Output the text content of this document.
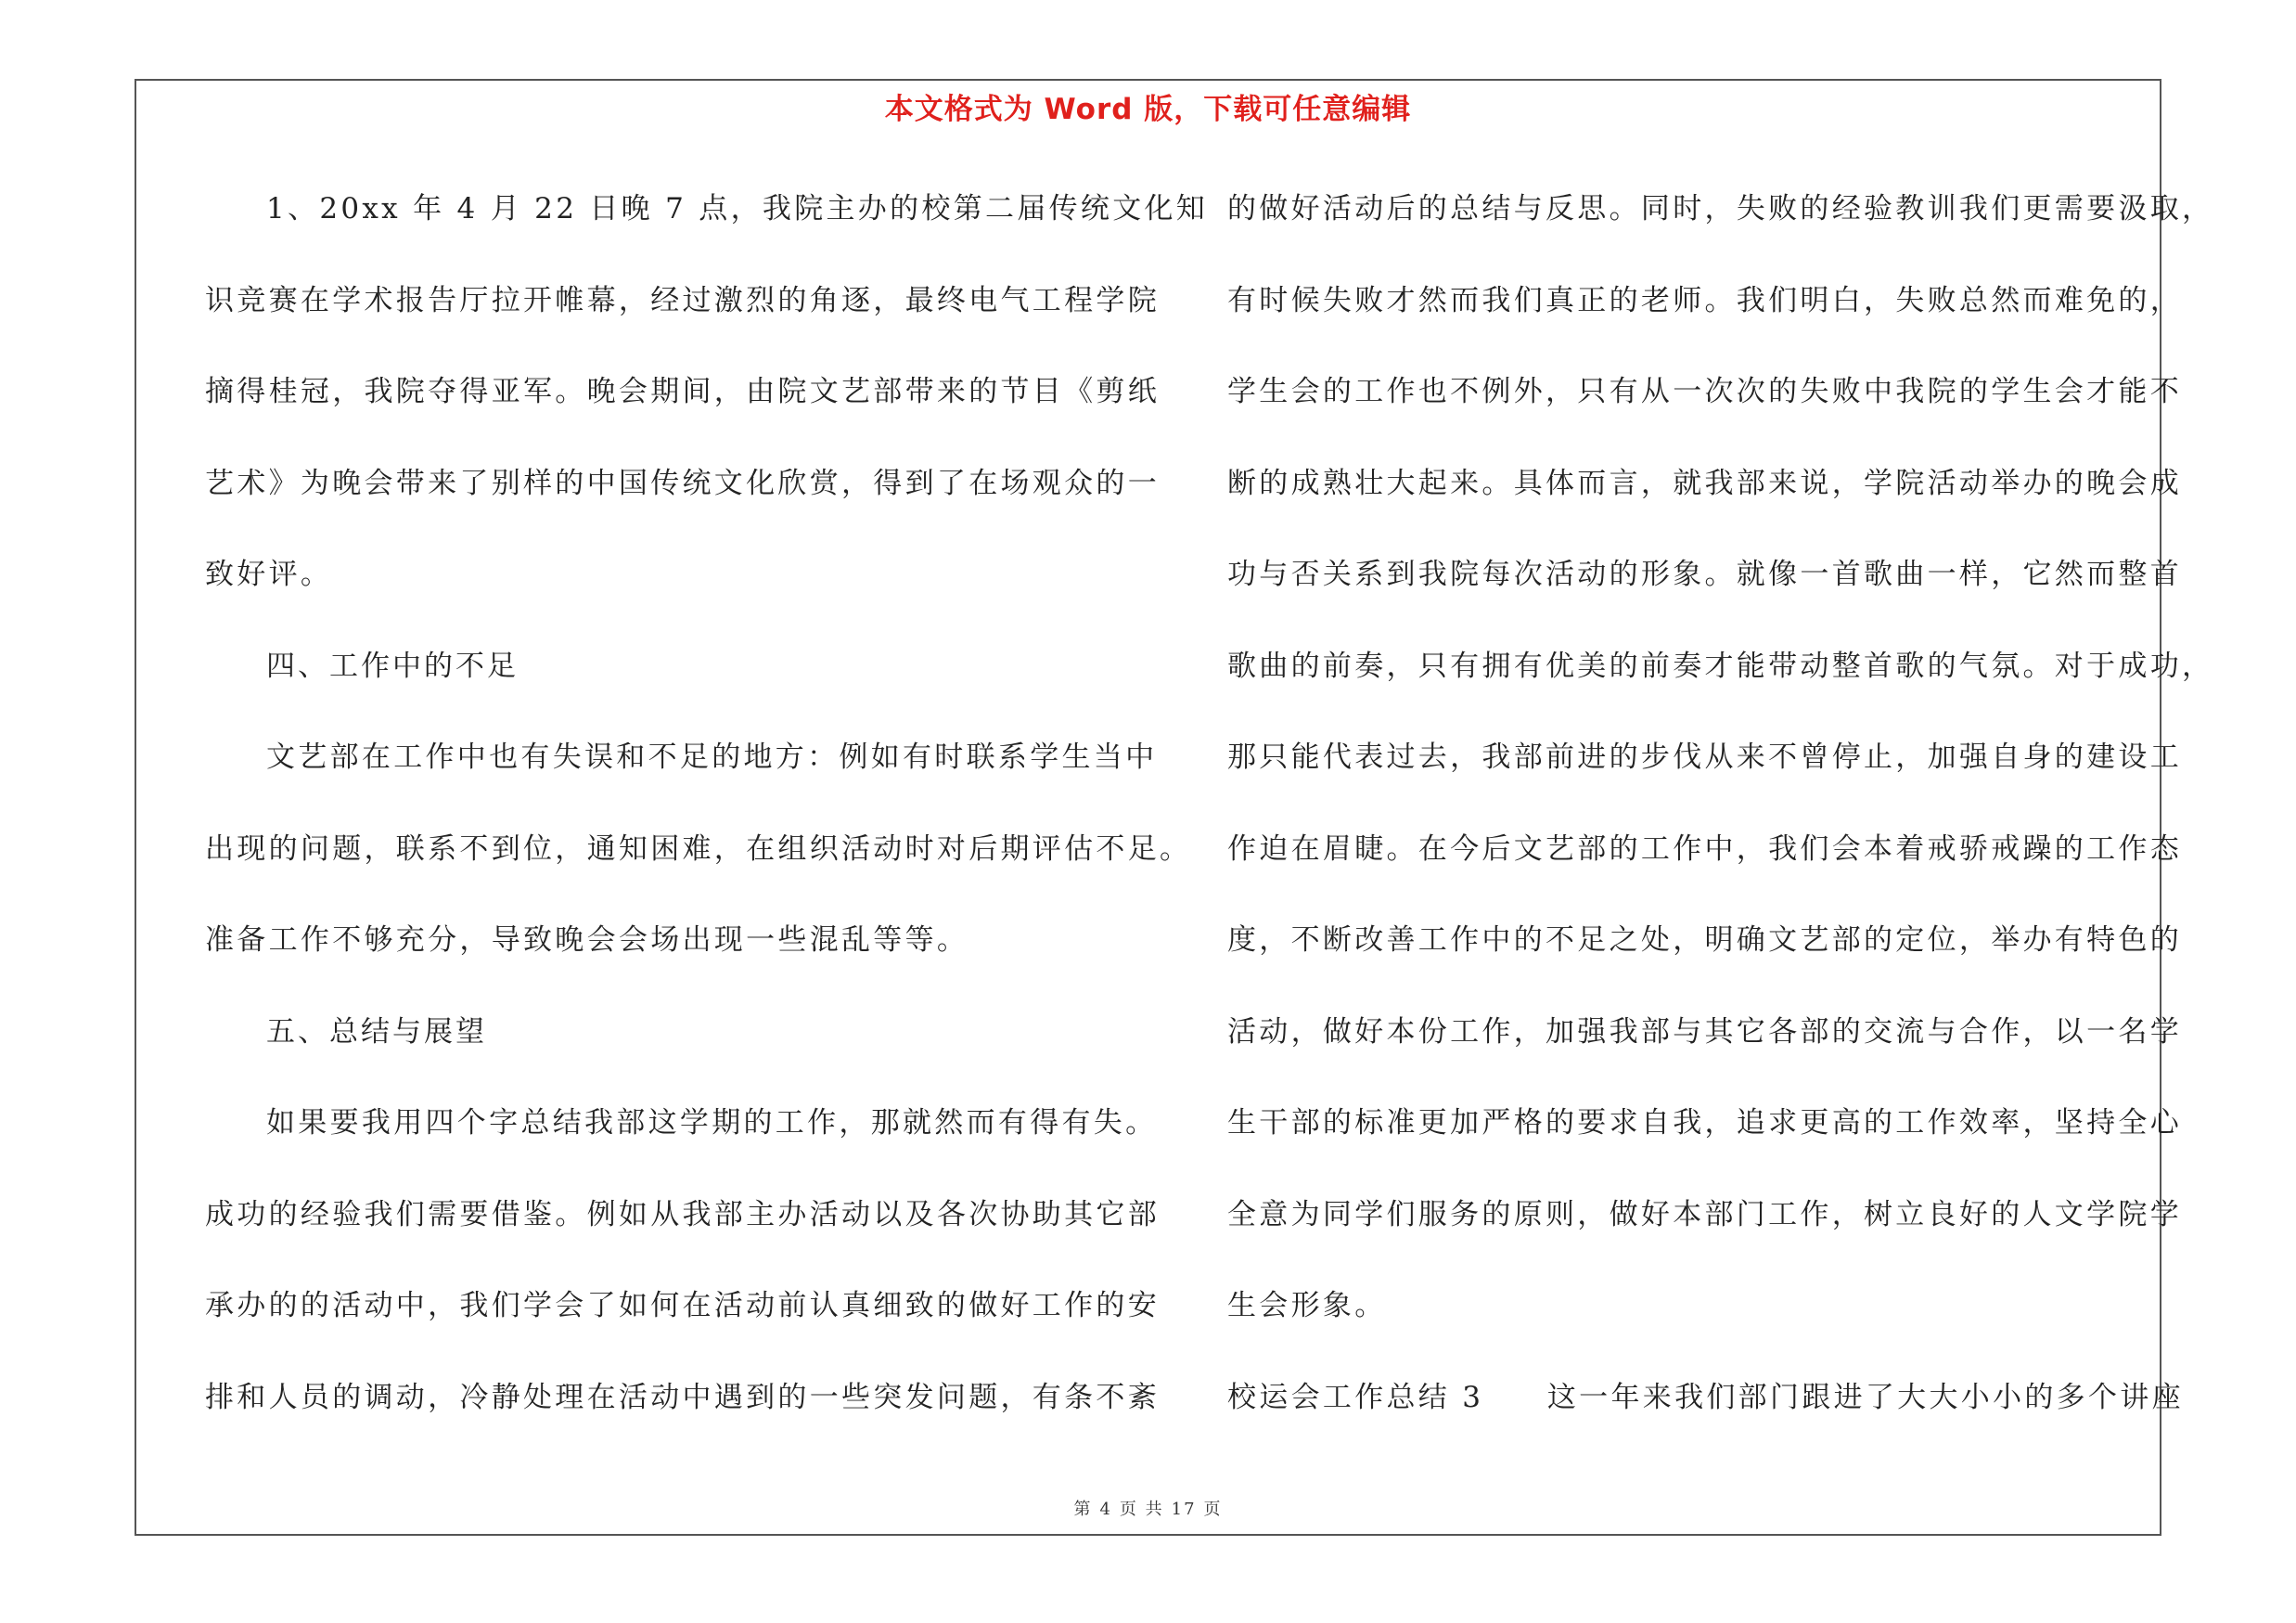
本文格式为 Word 版，下载可任意编辑
1、20xx 年 4 月 22 日晚 7 点，我院主办的校第二届传统文化知
识竞赛在学术报告厅拉开帷幕，经过激烈的角逐，最终电气工程学院
摘得桂冠，我院夺得亚军。晚会期间，由院文艺部带来的节目《剪纸
艺术》为晚会带来了别样的中国传统文化欣赏，得到了在场观众的一
致好评。
四、工作中的不足
文艺部在工作中也有失误和不足的地方：例如有时联系学生当中
出现的问题，联系不到位，通知困难，在组织活动时对后期评估不足。
准备工作不够充分，导致晚会会场出现一些混乱等等。
五、总结与展望
如果要我用四个字总结我部这学期的工作，那就然而有得有失。
成功的经验我们需要借鉴。例如从我部主办活动以及各次协助其它部
承办的的活动中，我们学会了如何在活动前认真细致的做好工作的安
排和人员的调动，冷静处理在活动中遇到的一些突发问题，有条不紊
的做好活动后的总结与反思。同时，失败的经验教训我们更需要汲取，
有时候失败才然而我们真正的老师。我们明白，失败总然而难免的，
学生会的工作也不例外，只有从一次次的失败中我院的学生会才能不
断的成熟壮大起来。具体而言，就我部来说，学院活动举办的晚会成
功与否关系到我院每次活动的形象。就像一首歌曲一样，它然而整首
歌曲的前奏，只有拥有优美的前奏才能带动整首歌的气氛。对于成功，
那只能代表过去，我部前进的步伐从来不曾停止，加强自身的建设工
作迫在眉睫。在今后文艺部的工作中，我们会本着戒骄戒躁的工作态
度，不断改善工作中的不足之处，明确文艺部的定位，举办有特色的
活动，做好本份工作，加强我部与其它各部的交流与合作，以一名学
生干部的标准更加严格的要求自我，追求更高的工作效率，坚持全心
全意为同学们服务的原则，做好本部门工作，树立良好的人文学院学
生会形象。
校运会工作总结 3　　这一年来我们部门跟进了大大小小的多个讲座
第 4 页 共 17 页
